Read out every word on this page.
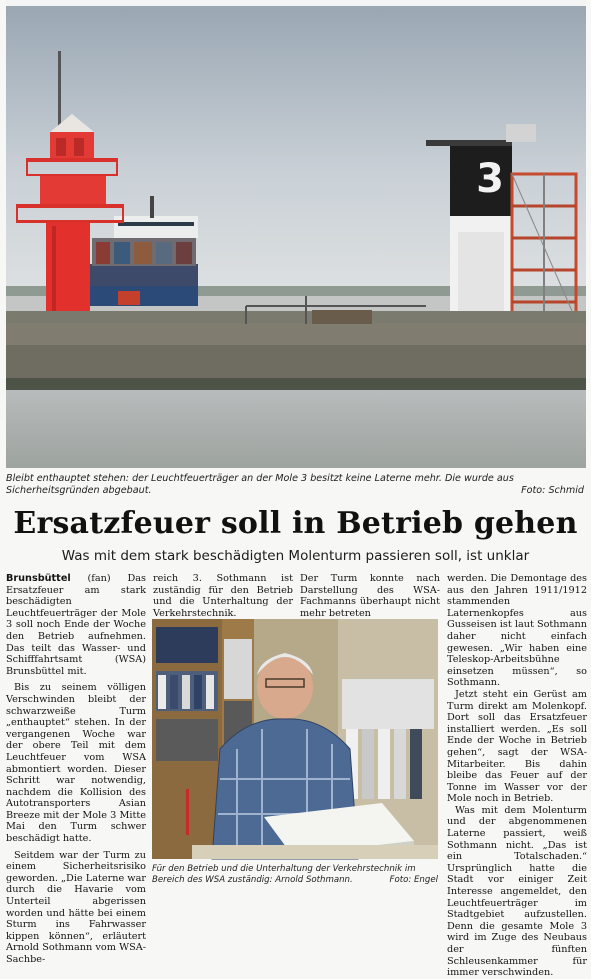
3
Bleibt enthauptet stehen: der Leuchtfeuerträger an der Mole 3 besitzt keine Laterne mehr. Die wurde aus Sicherheitsgründen abgebaut.	Foto: Schmid
Ersatzfeuer soll in Betrieb gehen
Was mit dem stark beschädigten Molenturm passieren soll, ist unklar

Brunsbüttel (fan) Das Ersatzfeuer am stark beschädigten Leuchtfeuerträger der Mole 3 soll noch Ende der Woche den Betrieb aufnehmen. Das teilt das Wasser- und Schifffahrtsamt (WSA) Brunsbüttel mit.

Bis zu seinem völligen Verschwinden bleibt der schwarzweiße Turm „enthauptet“ stehen. In der vergangenen Woche war der obere Teil mit dem Leuchtfeuer vom WSA abmontiert worden. Dieser Schritt war notwendig, nachdem die Kollision des Autotransporters Asian Breeze mit der Mole 3 Mitte Mai den Turm schwer beschädigt hatte.

Seitdem war der Turm zu einem Sicherheitsrisiko geworden. „Die Laterne war durch die Havarie vom Unterteil abgerissen worden und hätte bei einem Sturm ins Fahrwasser kippen können“, erläutert Arnold Sothmann vom WSA-Sachbe-

reich 3. Sothmann ist zuständig für den Betrieb und die Unterhaltung der Verkehrstechnik.

Der Turm konnte nach Darstellung des WSA-Fachmanns überhaupt nicht mehr betreten

werden. Die Demontage des aus den Jahren 1911/1912 stammenden Laternenkopfes aus Gusseisen ist laut Sothmann daher nicht einfach gewesen. „Wir haben eine Teleskop-Arbeitsbühne einsetzen müssen“, so Sothmann.

Jetzt steht ein Gerüst am Turm direkt am Molenkopf. Dort soll das Ersatzfeuer installiert werden. „Es soll Ende der Woche in Betrieb gehen“, sagt der WSA-Mitarbeiter. Bis dahin bleibe das Feuer auf der Tonne im Wasser vor der Mole noch in Betrieb.

Was mit dem Molenturm und der abgenommenen Laterne passiert, weiß Sothmann nicht. „Das ist ein Totalschaden.“ Ursprünglich hatte die Stadt vor einiger Zeit Interesse angemeldet, den Leuchtfeuerträger im Stadtgebiet aufzustellen. Denn die gesamte Mole 3 wird im Zuge des Neubaus der fünften Schleusenkammer für immer verschwinden.

Für den Betrieb und die Unterhaltung der Verkehrstechnik im Bereich des WSA zuständig: Arnold Sothmann.	Foto: Engel
